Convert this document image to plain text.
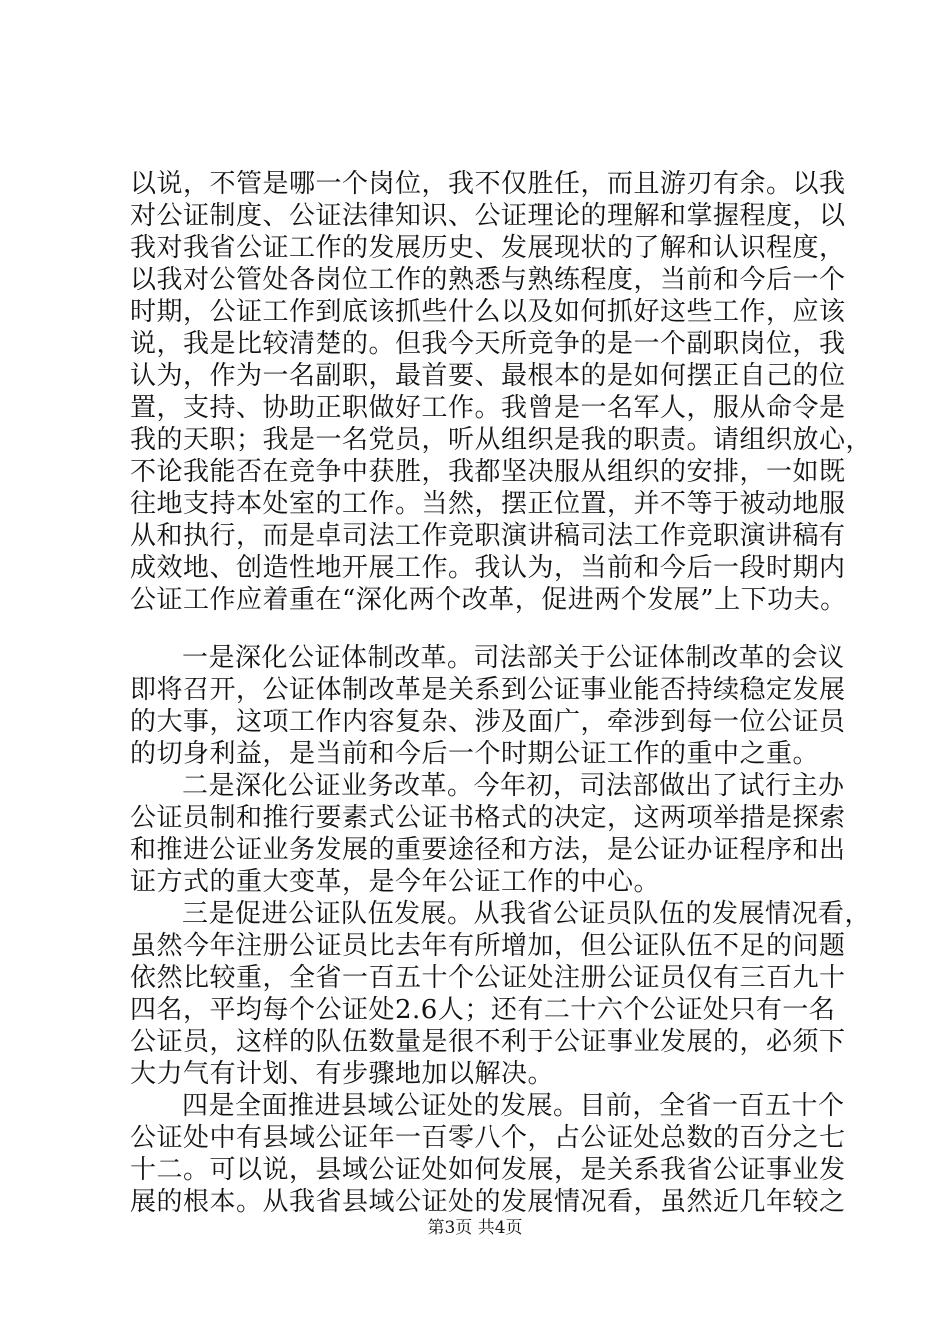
以说，不管是哪一个岗位，我不仅胜任，而且游刃有余。以我
对公证制度、公证法律知识、公证理论的理解和掌握程度，以
我对我省公证工作的发展历史、发展现状的了解和认识程度，
以我对公管处各岗位工作的熟悉与熟练程度，当前和今后一个
时期，公证工作到底该抓些什么以及如何抓好这些工作，应该
说，我是比较清楚的。但我今天所竞争的是一个副职岗位，我
认为，作为一名副职，最首要、最根本的是如何摆正自己的位
置，支持、协助正职做好工作。我曾是一名军人，服从命令是
我的天职；我是一名党员，听从组织是我的职责。请组织放心，
不论我能否在竞争中获胜，我都坚决服从组织的安排，一如既
往地支持本处室的工作。当然，摆正位置，并不等于被动地服
从和执行，而是卓司法工作竞职演讲稿司法工作竞职演讲稿有
成效地、创造性地开展工作。我认为，当前和今后一段时期内
公证工作应着重在“深化两个改革，促进两个发展”上下功夫。
一是深化公证体制改革。司法部关于公证体制改革的会议
即将召开，公证体制改革是关系到公证事业能否持续稳定发展
的大事，这项工作内容复杂、涉及面广，牵涉到每一位公证员
的切身利益，是当前和今后一个时期公证工作的重中之重。
二是深化公证业务改革。今年初，司法部做出了试行主办
公证员制和推行要素式公证书格式的决定，这两项举措是探索
和推进公证业务发展的重要途径和方法，是公证办证程序和出
证方式的重大变革，是今年公证工作的中心。
三是促进公证队伍发展。从我省公证员队伍的发展情况看，
虽然今年注册公证员比去年有所增加，但公证队伍不足的问题
依然比较重，全省一百五十个公证处注册公证员仅有三百九十
四名，平均每个公证处2.6人；还有二十六个公证处只有一名
公证员，这样的队伍数量是很不利于公证事业发展的，必须下
大力气有计划、有步骤地加以解决。
四是全面推进县域公证处的发展。目前，全省一百五十个
公证处中有县域公证年一百零八个，占公证处总数的百分之七
十二。可以说，县域公证处如何发展，是关系我省公证事业发
展的根本。从我省县域公证处的发展情况看，虽然近几年较之
第3页 共4页
